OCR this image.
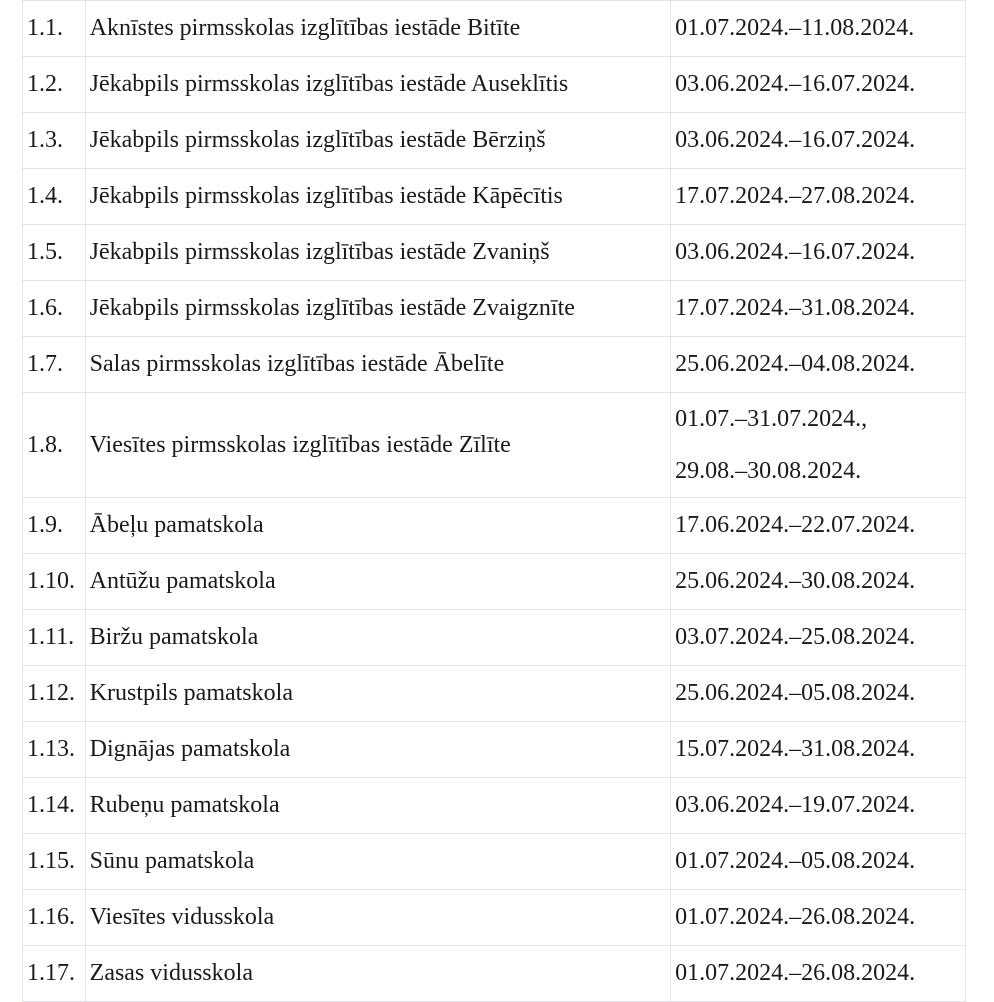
1.1.	Aknīstes pirmsskolas izglītības iestāde Bitīte	01.07.2024.–11.08.2024.
1.2.	Jēkabpils pirmsskolas izglītības iestāde Auseklītis	03.06.2024.–16.07.2024.
1.3.	Jēkabpils pirmsskolas izglītības iestāde Bērziņš	03.06.2024.–16.07.2024.
1.4.	Jēkabpils pirmsskolas izglītības iestāde Kāpēcītis	17.07.2024.–27.08.2024.
1.5.	Jēkabpils pirmsskolas izglītības iestāde Zvaniņš	03.06.2024.–16.07.2024.
1.6.	Jēkabpils pirmsskolas izglītības iestāde Zvaigznīte	17.07.2024.–31.08.2024.
1.7.	Salas pirmsskolas izglītības iestāde Ābelīte	25.06.2024.–04.08.2024.
1.8.	Viesītes pirmsskolas izglītības iestāde Zīlīte	01.07.–31.07.2024.,
29.08.–30.08.2024.

1.9.	Ābeļu pamatskola	17.06.2024.–22.07.2024.
1.10.	Antūžu pamatskola	25.06.2024.–30.08.2024.
1.11.	Biržu pamatskola	03.07.2024.–25.08.2024.
1.12.	Krustpils pamatskola	25.06.2024.–05.08.2024.
1.13.	Dignājas pamatskola	15.07.2024.–31.08.2024.
1.14.	Rubeņu pamatskola	03.06.2024.–19.07.2024.
1.15.	Sūnu pamatskola	01.07.2024.–05.08.2024.
1.16.	Viesītes vidusskola	01.07.2024.–26.08.2024.
1.17.	Zasas vidusskola	01.07.2024.–26.08.2024.
